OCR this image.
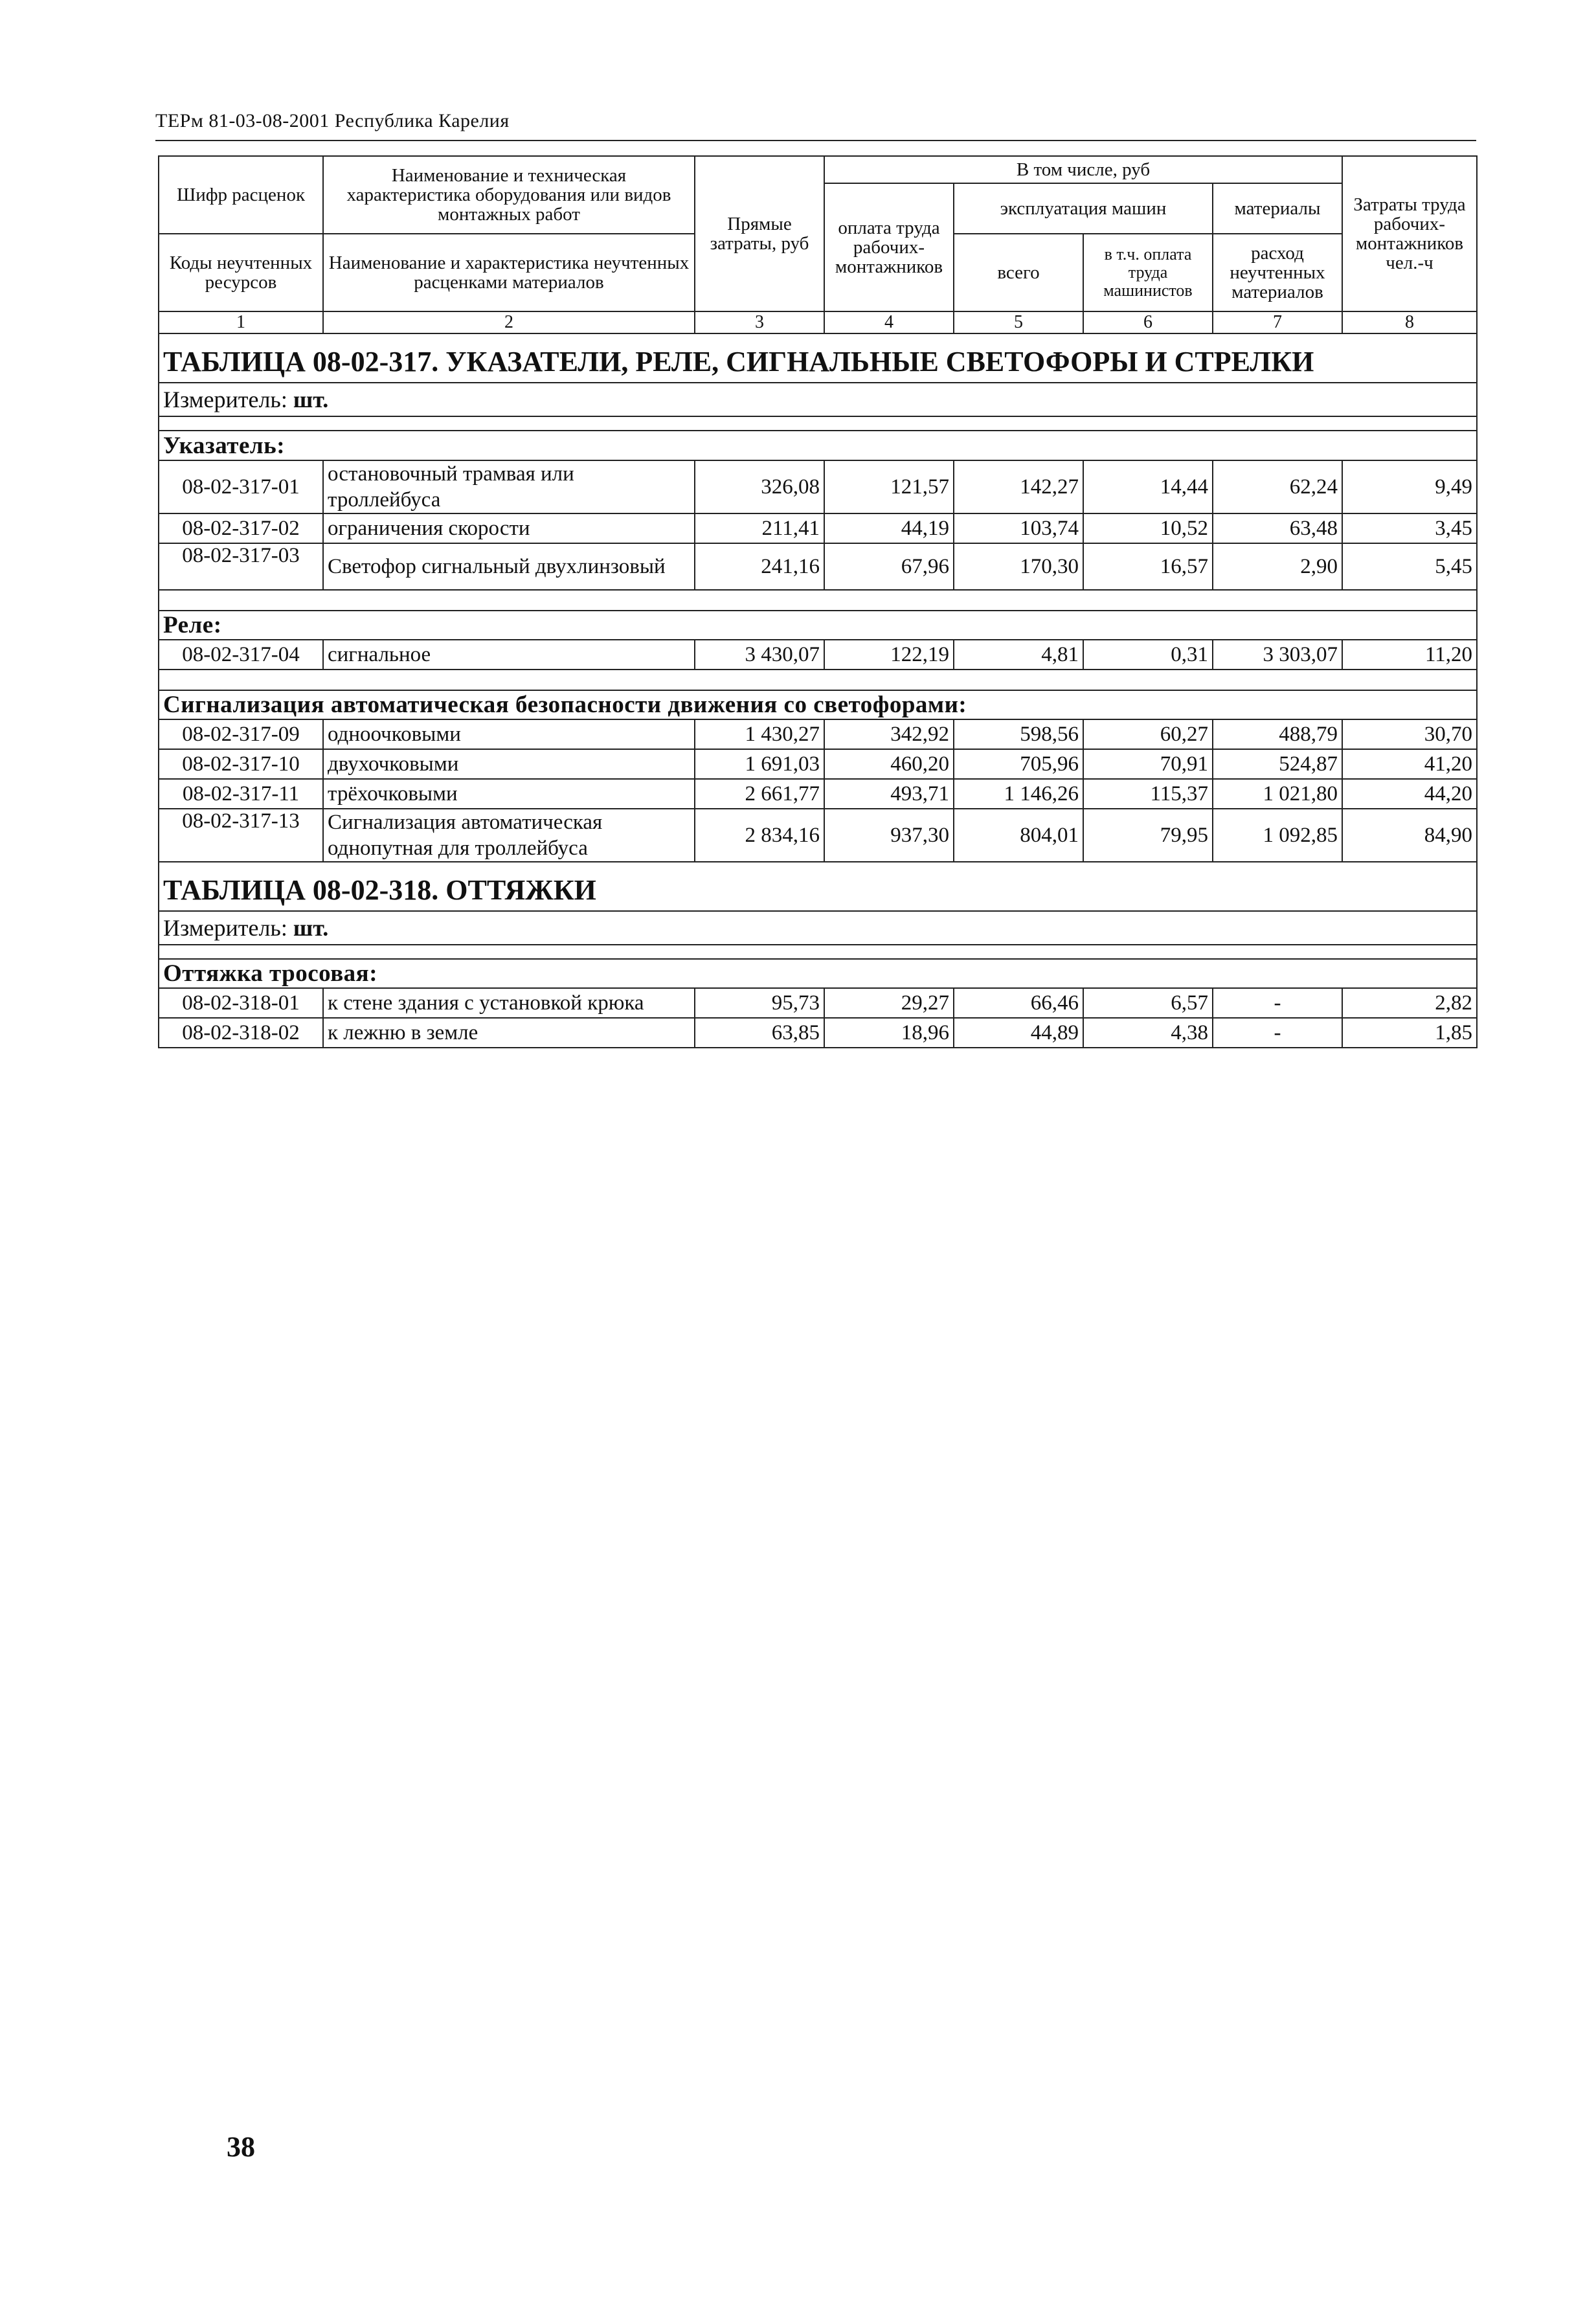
ТЕРм 81-03-08-2001 Республика Карелия
Шифр расценок	Наименование и техническая характеристика оборудования или видов монтажных работ	Прямые затраты, руб	В том числе, руб				Затраты труда рабочих-монтажников чел.-ч
			оплата труда рабочих-монтажников	эксплуатация машин		материалы	
Коды неучтенных ресурсов	Наименование и характеристика неучтенных расценками материалов			всего	в т.ч. оплата труда машинистов	расход неучтенных материалов	

1	2	3	4	5	6	7	8
ТАБЛИЦА 08-02-317. УКАЗАТЕЛИ, РЕЛЕ, СИГНАЛЬНЫЕ СВЕТОФОРЫ И СТРЕЛКИ							
Измеритель: шт.							

Указатель:							
08-02-317-01	остановочный трамвая или троллейбуса	326,08	121,57	142,27	14,44	62,24	9,49
08-02-317-02	ограничения скорости	211,41	44,19	103,74	10,52	63,48	3,45
08-02-317-03	Светофор сигнальный двухлинзовый	241,16	67,96	170,30	16,57	2,90	5,45

Реле:							
08-02-317-04	сигнальное	3 430,07	122,19	4,81	0,31	3 303,07	11,20

Сигнализация автоматическая безопасности движения со светофорами:							
08-02-317-09	одноочковыми	1 430,27	342,92	598,56	60,27	488,79	30,70
08-02-317-10	двухочковыми	1 691,03	460,20	705,96	70,91	524,87	41,20
08-02-317-11	трёхочковыми	2 661,77	493,71	1 146,26	115,37	1 021,80	44,20
08-02-317-13	Сигнализация автоматическая однопутная для троллейбуса	2 834,16	937,30	804,01	79,95	1 092,85	84,90
ТАБЛИЦА 08-02-318. ОТТЯЖКИ							
Измеритель: шт.							

Оттяжка тросовая:							
08-02-318-01	к стене здания с установкой крюка	95,73	29,27	66,46	6,57	-	2,82
08-02-318-02	к лежню в земле	63,85	18,96	44,89	4,38	-	1,85
38
